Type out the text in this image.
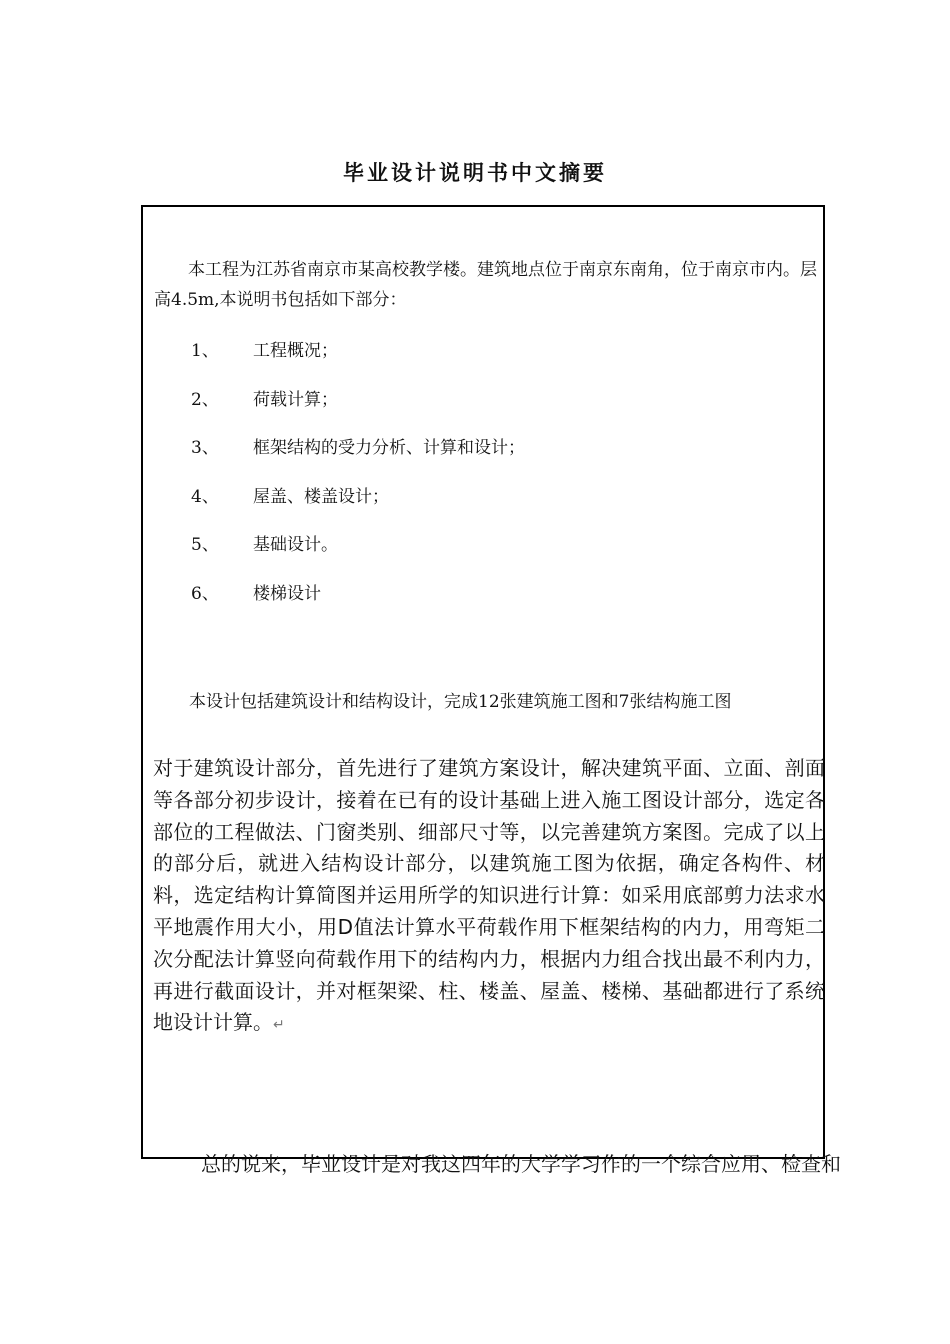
毕业设计说明书中文摘要

本工程为江苏省南京市某高校教学楼。建筑地点位于南京东南角，位于南京市内。层高4.5m,本说明书包括如下部分：

1、	工程概况；
2、	荷载计算；
3、	框架结构的受力分析、计算和设计；
4、	屋盖、楼盖设计；
5、	基础设计。
6、	楼梯设计

本设计包括建筑设计和结构设计，完成12张建筑施工图和7张结构施工图

对于建筑设计部分，首先进行了建筑方案设计，解决建筑平面、立面、剖面等各部分初步设计，接着在已有的设计基础上进入施工图设计部分，选定各部位的工程做法、门窗类别、细部尺寸等，以完善建筑方案图。完成了以上的部分后，就进入结构设计部分，以建筑施工图为依据，确定各构件、材料，选定结构计算简图并运用所学的知识进行计算：如采用底部剪力法求水平地震作用大小，用D值法计算水平荷载作用下框架结构的内力，用弯矩二次分配法计算竖向荷载作用下的结构内力，根据内力组合找出最不利内力，再进行截面设计，并对框架梁、柱、楼盖、屋盖、楼梯、基础都进行了系统地设计计算。↵

总的说来，毕业设计是对我这四年的大学学习作的一个综合应用、检查和
